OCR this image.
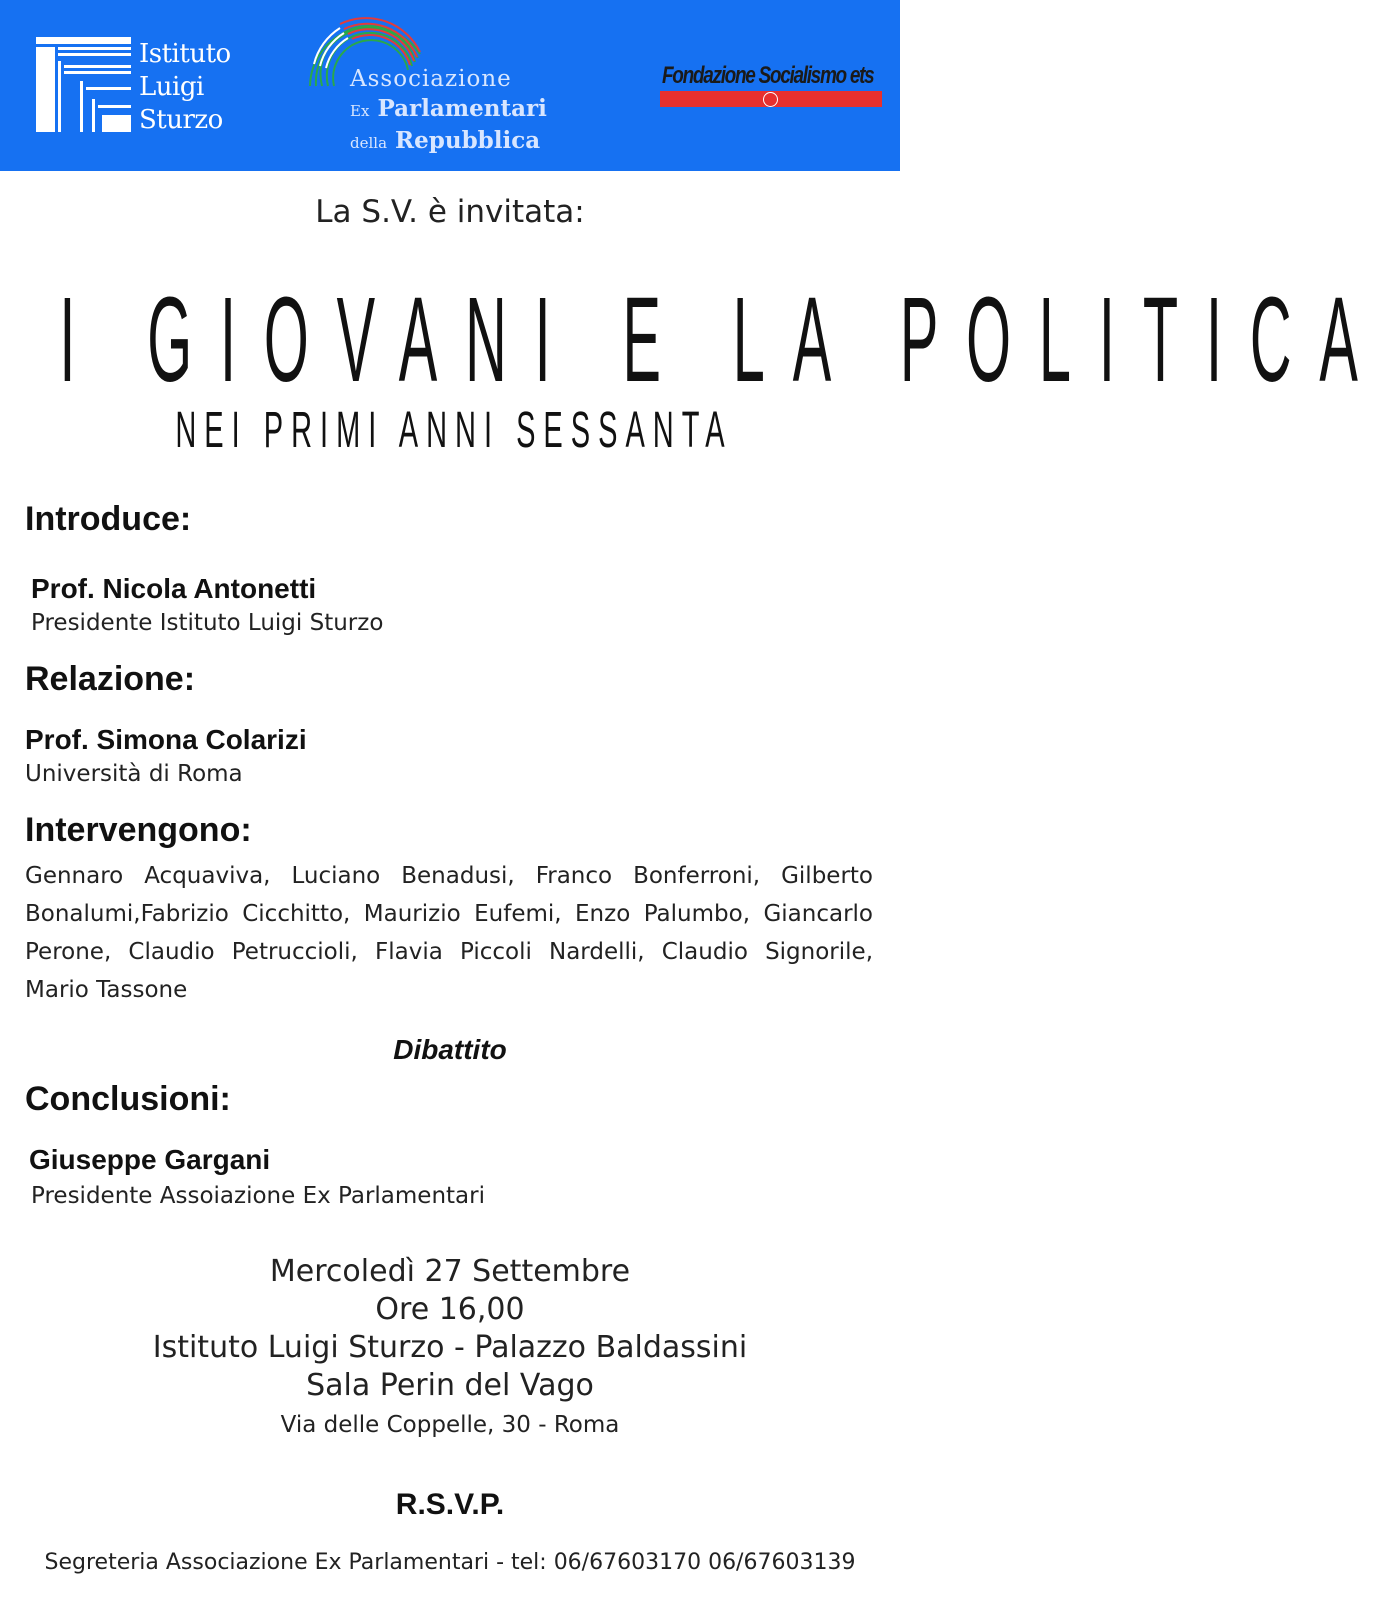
Istituto
Luigi
Sturzo
Associazione
Ex Parlamentari
della Repubblica
Fondazione Socialismo ets
La S.V. è invitata:
I GIOVANI E LA POLITICA
NEI PRIMI ANNI SESSANTA
Introduce:
Prof. Nicola Antonetti
Presidente Istituto Luigi Sturzo
Relazione:
Prof. Simona Colarizi
Università di Roma
Intervengono:
Gennaro Acquaviva, Luciano Benadusi, Franco Bonferroni, Gilberto Bonalumi,Fabrizio Cicchitto, Maurizio Eufemi, Enzo Palumbo, Giancarlo Perone, Claudio Petruccioli, Flavia Piccoli Nardelli, Claudio Signorile, Mario Tassone
Dibattito
Conclusioni:
Giuseppe Gargani
Presidente Assoiazione Ex Parlamentari
Mercoledì 27 Settembre
Ore 16,00
Istituto Luigi Sturzo - Palazzo Baldassini
Sala Perin del Vago
Via delle Coppelle, 30 - Roma
R.S.V.P.
Segreteria Associazione Ex Parlamentari - tel: 06/67603170 06/67603139
